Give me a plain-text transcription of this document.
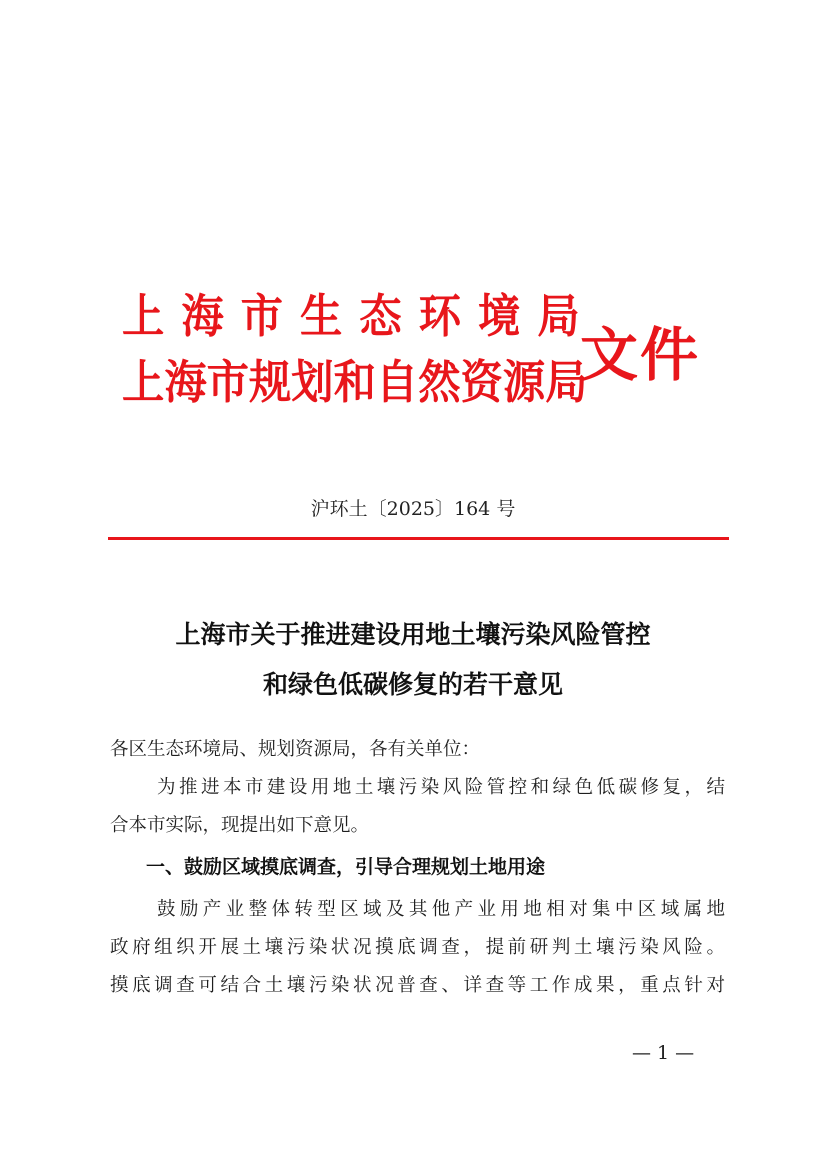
上海市生态环境局
上海市规划和自然资源局
文件
沪环土〔2025〕164 号
上海市关于推进建设用地土壤污染风险管控
和绿色低碳修复的若干意见
各区生态环境局、规划资源局，各有关单位：
为推进本市建设用地土壤污染风险管控和绿色低碳修复，结
合本市实际，现提出如下意见。
一、鼓励区域摸底调查，引导合理规划土地用途
鼓励产业整体转型区域及其他产业用地相对集中区域属地
政府组织开展土壤污染状况摸底调查，提前研判土壤污染风险。
摸底调查可结合土壤污染状况普查、详查等工作成果，重点针对
— 1 —
